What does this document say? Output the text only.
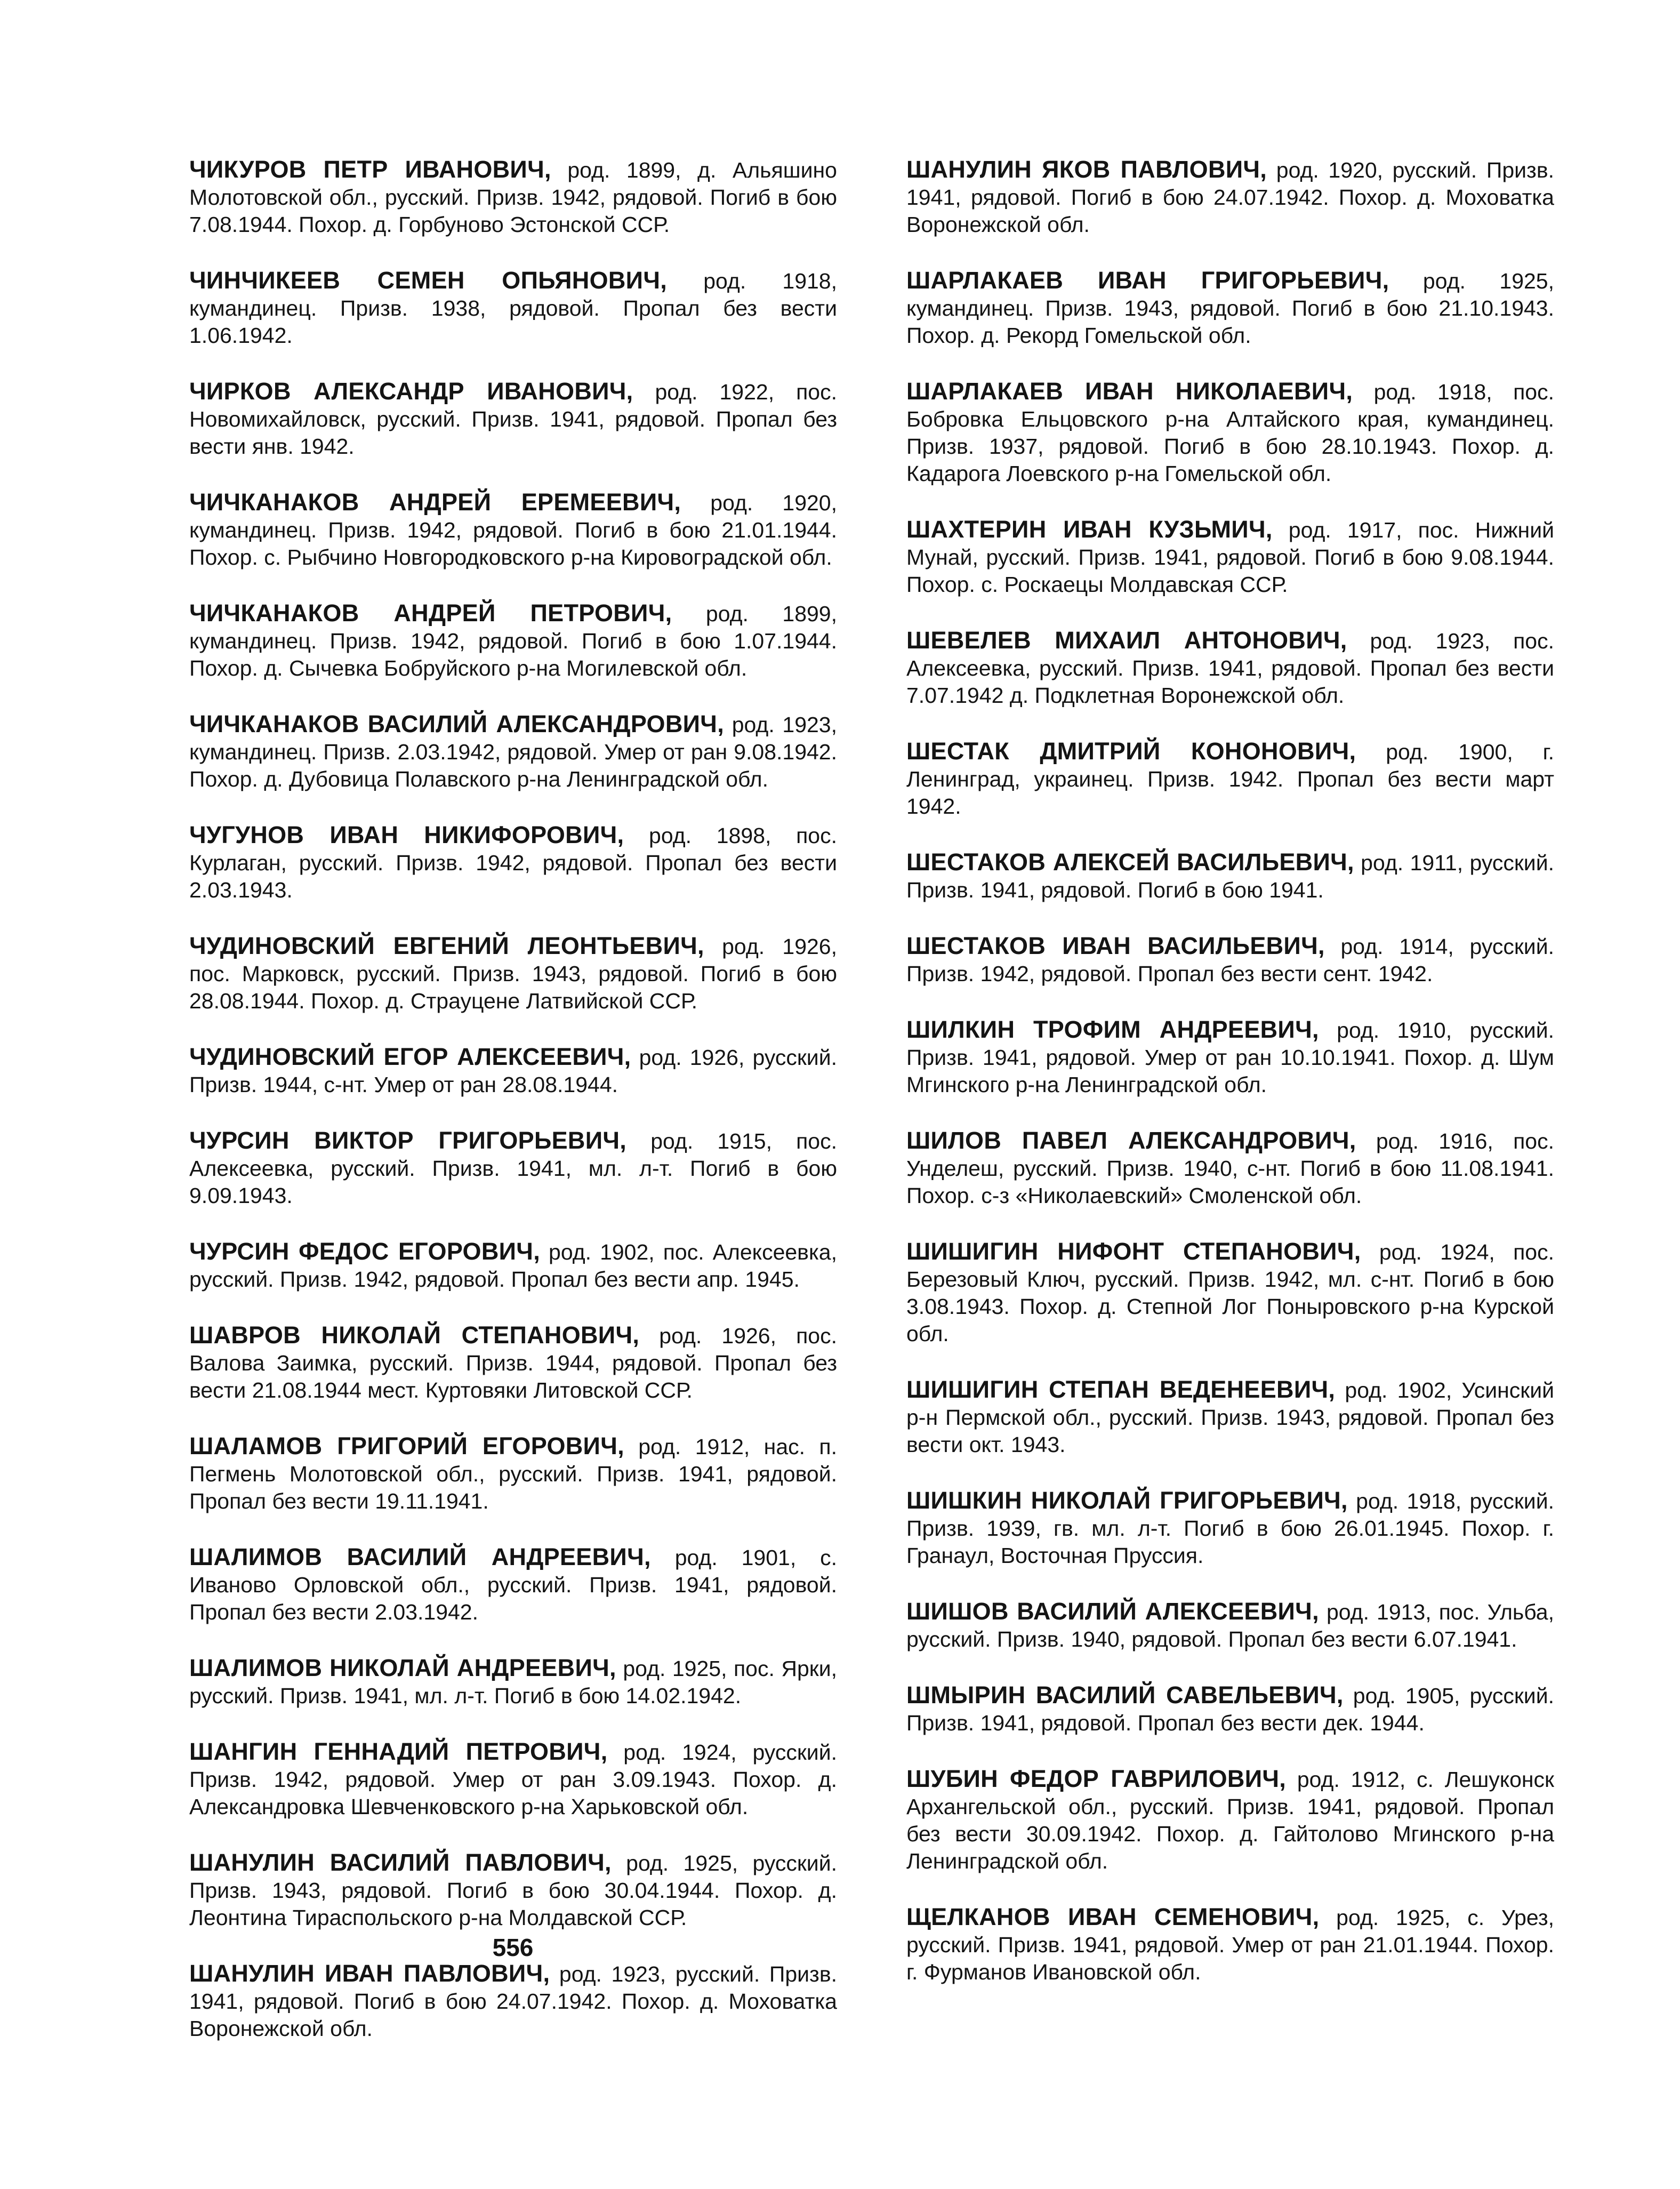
ЧИКУРОВ ПЕТР ИВАНОВИЧ, род. 1899, д. Альяшино Молотовской обл., русский. Призв. 1942, рядовой. Погиб в бою 7.08.1944. Похор. д. Горбуново Эстонской ССР.

ЧИНЧИКЕЕВ СЕМЕН ОПЬЯНОВИЧ, род. 1918, кумандинец. Призв. 1938, рядовой. Пропал без вести 1.06.1942.

ЧИРКОВ АЛЕКСАНДР ИВАНОВИЧ, род. 1922, пос. Новомихайловск, русский. Призв. 1941, рядовой. Пропал без вести янв. 1942.

ЧИЧКАНАКОВ АНДРЕЙ ЕРЕМЕЕВИЧ, род. 1920, кумандинец. Призв. 1942, рядовой. Погиб в бою 21.01.1944. Похор. с. Рыбчино Новгородковского р-на Кировоградской обл.

ЧИЧКАНАКОВ АНДРЕЙ ПЕТРОВИЧ, род. 1899, кумандинец. Призв. 1942, рядовой. Погиб в бою 1.07.1944. Похор. д. Сычевка Бобруйского р-на Могилевской обл.

ЧИЧКАНАКОВ ВАСИЛИЙ АЛЕКСАНДРОВИЧ, род. 1923, кумандинец. Призв. 2.03.1942, рядовой. Умер от ран 9.08.1942. Похор. д. Дубовица Полавского р-на Ленинградской обл.

ЧУГУНОВ ИВАН НИКИФОРОВИЧ, род. 1898, пос. Курлаган, русский. Призв. 1942, рядовой. Пропал без вести 2.03.1943.

ЧУДИНОВСКИЙ ЕВГЕНИЙ ЛЕОНТЬЕВИЧ, род. 1926, пос. Марковск, русский. Призв. 1943, рядовой. Погиб в бою 28.08.1944. Похор. д. Страуцене Латвийской ССР.

ЧУДИНОВСКИЙ ЕГОР АЛЕКСЕЕВИЧ, род. 1926, русский. Призв. 1944, с-нт. Умер от ран 28.08.1944.

ЧУРСИН ВИКТОР ГРИГОРЬЕВИЧ, род. 1915, пос. Алексеевка, русский. Призв. 1941, мл. л-т. Погиб в бою 9.09.1943.

ЧУРСИН ФЕДОС ЕГОРОВИЧ, род. 1902, пос. Алексеевка, русский. Призв. 1942, рядовой. Пропал без вести апр. 1945.

ШАВРОВ НИКОЛАЙ СТЕПАНОВИЧ, род. 1926, пос. Валова Заимка, русский. Призв. 1944, рядовой. Пропал без вести 21.08.1944 мест. Куртовяки Литовской ССР.

ШАЛАМОВ ГРИГОРИЙ ЕГОРОВИЧ, род. 1912, нас. п. Пегмень Молотовской обл., русский. Призв. 1941, рядовой. Пропал без вести 19.11.1941.

ШАЛИМОВ ВАСИЛИЙ АНДРЕЕВИЧ, род. 1901, с. Иваново Орловской обл., русский. Призв. 1941, рядовой. Пропал без вести 2.03.1942.

ШАЛИМОВ НИКОЛАЙ АНДРЕЕВИЧ, род. 1925, пос. Ярки, русский. Призв. 1941, мл. л-т. Погиб в бою 14.02.1942.

ШАНГИН ГЕННАДИЙ ПЕТРОВИЧ, род. 1924, русский. Призв. 1942, рядовой. Умер от ран 3.09.1943. Похор. д. Александровка Шевченковского р-на Харьковской обл.

ШАНУЛИН ВАСИЛИЙ ПАВЛОВИЧ, род. 1925, русский. Призв. 1943, рядовой. Погиб в бою 30.04.1944. Похор. д. Леонтина Тираспольского р-на Молдавской ССР.

ШАНУЛИН ИВАН ПАВЛОВИЧ, род. 1923, русский. Призв. 1941, рядовой. Погиб в бою 24.07.1942. Похор. д. Моховатка Воронежской обл.

ШАНУЛИН ЯКОВ ПАВЛОВИЧ, род. 1920, русский. Призв. 1941, рядовой. Погиб в бою 24.07.1942. Похор. д. Моховатка Воронежской обл.

ШАРЛАКАЕВ ИВАН ГРИГОРЬЕВИЧ, род. 1925, кумандинец. Призв. 1943, рядовой. Погиб в бою 21.10.1943. Похор. д. Рекорд Гомельской обл.

ШАРЛАКАЕВ ИВАН НИКОЛАЕВИЧ, род. 1918, пос. Бобровка Ельцовского р-на Алтайского края, кумандинец. Призв. 1937, рядовой. Погиб в бою 28.10.1943. Похор. д. Кадарога Лоевского р-на Гомельской обл.

ШАХТЕРИН ИВАН КУЗЬМИЧ, род. 1917, пос. Нижний Мунай, русский. Призв. 1941, рядовой. Погиб в бою 9.08.1944. Похор. с. Роскаецы Молдавская ССР.

ШЕВЕЛЕВ МИХАИЛ АНТОНОВИЧ, род. 1923, пос. Алексеевка, русский. Призв. 1941, рядовой. Пропал без вести 7.07.1942 д. Подклетная Воронежской обл.

ШЕСТАК ДМИТРИЙ КОНОНОВИЧ, род. 1900, г. Ленинград, украинец. Призв. 1942. Пропал без вести март 1942.

ШЕСТАКОВ АЛЕКСЕЙ ВАСИЛЬЕВИЧ, род. 1911, русский. Призв. 1941, рядовой. Погиб в бою 1941.

ШЕСТАКОВ ИВАН ВАСИЛЬЕВИЧ, род. 1914, русский. Призв. 1942, рядовой. Пропал без вести сент. 1942.

ШИЛКИН ТРОФИМ АНДРЕЕВИЧ, род. 1910, русский. Призв. 1941, рядовой. Умер от ран 10.10.1941. Похор. д. Шум Мгинского р-на Ленинградской обл.

ШИЛОВ ПАВЕЛ АЛЕКСАНДРОВИЧ, род. 1916, пос. Унделеш, русский. Призв. 1940, с-нт. Погиб в бою 11.08.1941. Похор. с-з «Николаевский» Смоленской обл.

ШИШИГИН НИФОНТ СТЕПАНОВИЧ, род. 1924, пос. Березовый Ключ, русский. Призв. 1942, мл. с-нт. Погиб в бою 3.08.1943. Похор. д. Степной Лог Поныровского р-на Курской обл.

ШИШИГИН СТЕПАН ВЕДЕНЕЕВИЧ, род. 1902, Усинский р-н Пермской обл., русский. Призв. 1943, рядовой. Пропал без вести окт. 1943.

ШИШКИН НИКОЛАЙ ГРИГОРЬЕВИЧ, род. 1918, русский. Призв. 1939, гв. мл. л-т. Погиб в бою 26.01.1945. Похор. г. Гранаул, Восточная Пруссия.

ШИШОВ ВАСИЛИЙ АЛЕКСЕЕВИЧ, род. 1913, пос. Ульба, русский. Призв. 1940, рядовой. Пропал без вести 6.07.1941.

ШМЫРИН ВАСИЛИЙ САВЕЛЬЕВИЧ, род. 1905, русский. Призв. 1941, рядовой. Пропал без вести дек. 1944.

ШУБИН ФЕДОР ГАВРИЛОВИЧ, род. 1912, с. Лешуконск Архангельской обл., русский. Призв. 1941, рядовой. Пропал без вести 30.09.1942. Похор. д. Гайтолово Мгинского р-на Ленинградской обл.

ЩЕЛКАНОВ ИВАН СЕМЕНОВИЧ, род. 1925, с. Урез, русский. Призв. 1941, рядовой. Умер от ран 21.01.1944. Похор. г. Фурманов Ивановской обл.

556
